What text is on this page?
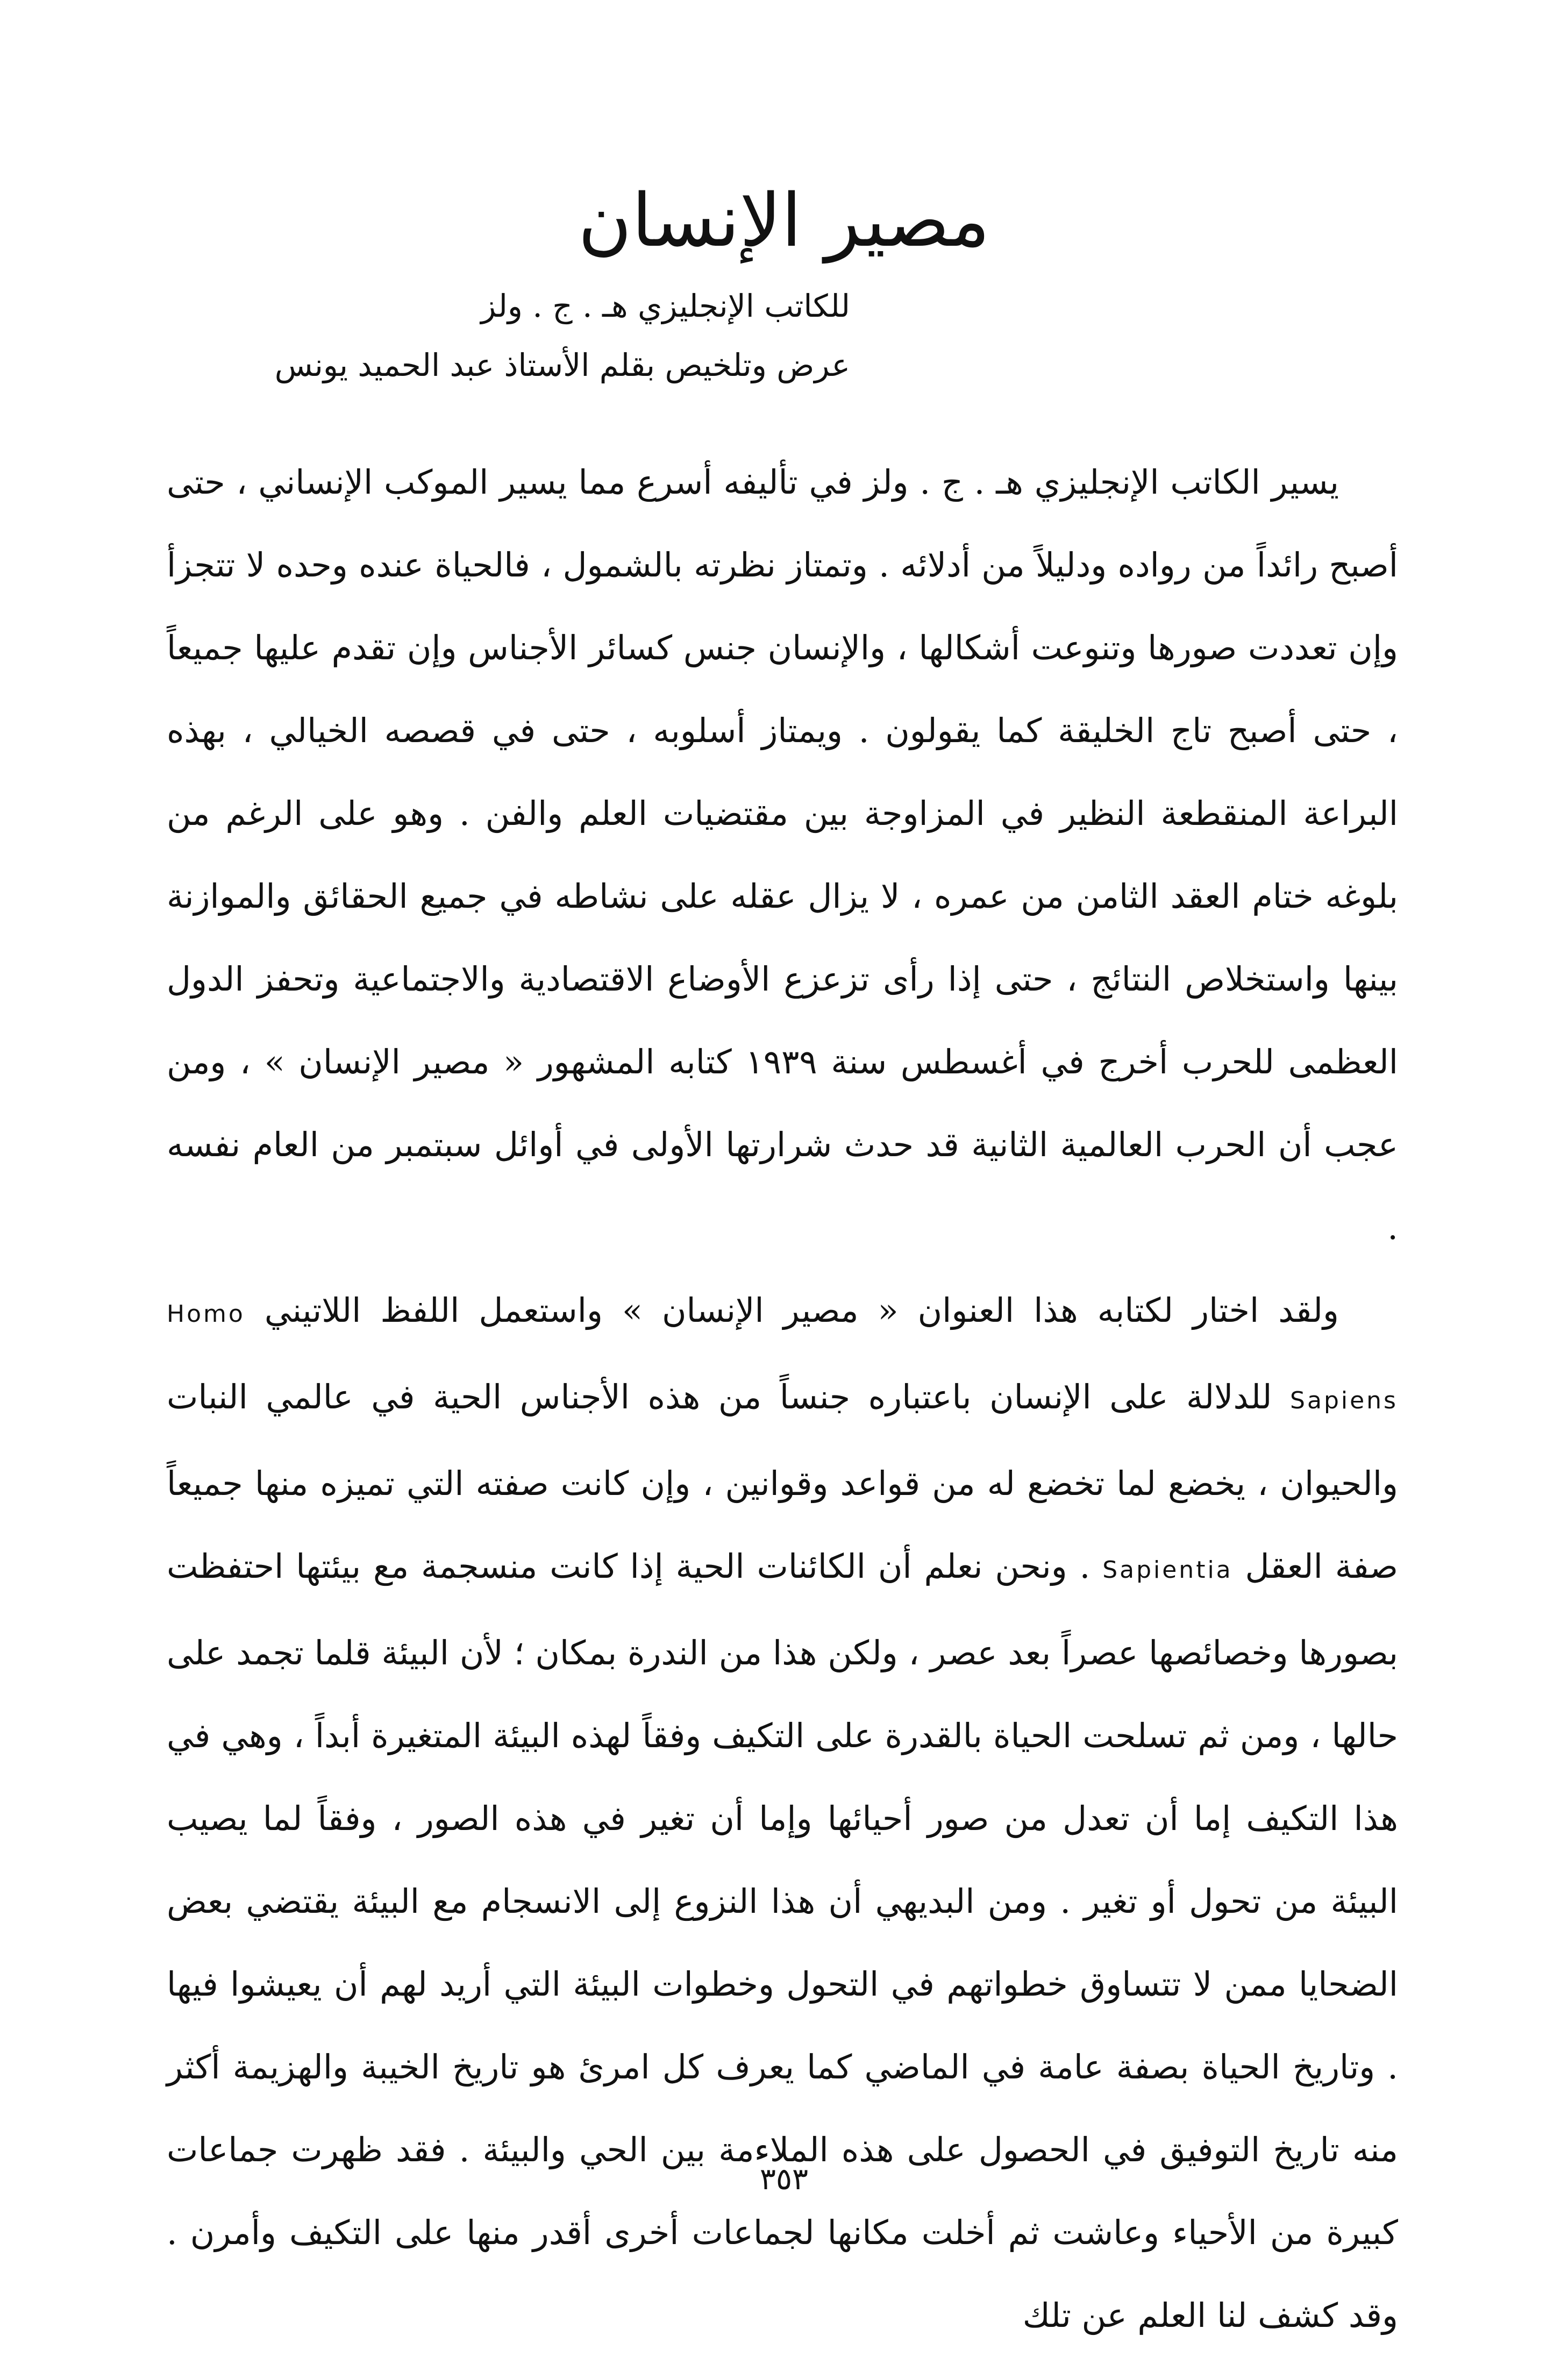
مصير الإنسان

للكاتب الإنجليزي هـ . ج . ولز

عرض وتلخيص بقلم الأستاذ عبد الحميد يونس

يسير الكاتب الإنجليزي هـ . ج . ولز في تأليفه أسرع مما يسير الموكب الإنساني ، حتى أصبح رائداً من رواده ودليلاً من أدلائه . وتمتاز نظرته بالشمول ، فالحياة عنده وحده لا تتجزأ وإن تعددت صورها وتنوعت أشكالها ، والإنسان جنس كسائر الأجناس وإن تقدم عليها جميعاً ، حتى أصبح تاج الخليقة كما يقولون . ويمتاز أسلوبه ، حتى في قصصه الخيالي ، بهذه البراعة المنقطعة النظير في المزاوجة بين مقتضيات العلم والفن . وهو على الرغم من بلوغه ختام العقد الثامن من عمره ، لا يزال عقله على نشاطه في جميع الحقائق والموازنة بينها واستخلاص النتائج ، حتى إذا رأى تزعزع الأوضاع الاقتصادية والاجتماعية وتحفز الدول العظمى للحرب أخرج في أغسطس سنة ١٩٣٩ كتابه المشهور « مصير الإنسان » ، ومن عجب أن الحرب العالمية الثانية قد حدث شرارتها الأولى في أوائل سبتمبر من العام نفسه .

ولقد اختار لكتابه هذا العنوان « مصير الإنسان » واستعمل اللفظ اللاتيني Homo Sapiens للدلالة على الإنسان باعتباره جنساً من هذه الأجناس الحية في عالمي النبات والحيوان ، يخضع لما تخضع له من قواعد وقوانين ، وإن كانت صفته التي تميزه منها جميعاً صفة العقل Sapientia . ونحن نعلم أن الكائنات الحية إذا كانت منسجمة مع بيئتها احتفظت بصورها وخصائصها عصراً بعد عصر ، ولكن هذا من الندرة بمكان ؛ لأن البيئة قلما تجمد على حالها ، ومن ثم تسلحت الحياة بالقدرة على التكيف وفقاً لهذه البيئة المتغيرة أبداً ، وهي في هذا التكيف إما أن تعدل من صور أحيائها وإما أن تغير في هذه الصور ، وفقاً لما يصيب البيئة من تحول أو تغير . ومن البديهي أن هذا النزوع إلى الانسجام مع البيئة يقتضي بعض الضحايا ممن لا تتساوق خطواتهم في التحول وخطوات البيئة التي أريد لهم أن يعيشوا فيها . وتاريخ الحياة بصفة عامة في الماضي كما يعرف كل امرئ هو تاريخ الخيبة والهزيمة أكثر منه تاريخ التوفيق في الحصول على هذه الملاءمة بين الحي والبيئة . فقد ظهرت جماعات كبيرة من الأحياء وعاشت ثم أخلت مكانها لجماعات أخرى أقدر منها على التكيف وأمرن . وقد كشف لنا العلم عن تلك

٣٥٣
